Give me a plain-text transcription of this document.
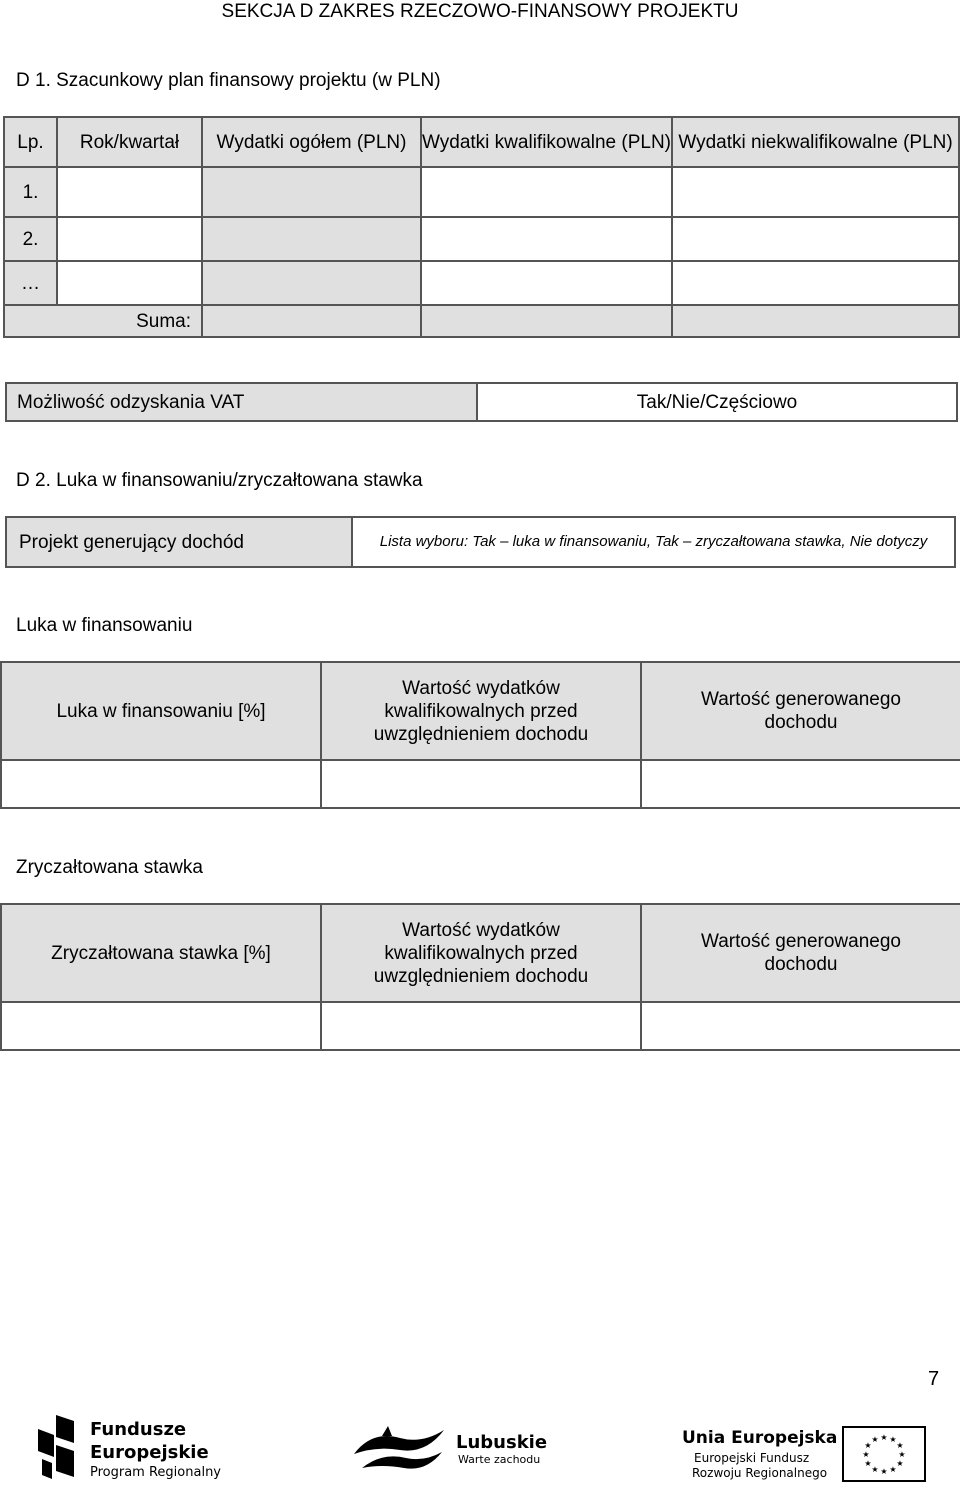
SEKCJA D ZAKRES RZECZOWO-FINANSOWY PROJEKTU
D 1. Szacunkowy plan finansowy projektu (w PLN)
Lp.	Rok/kwartał	Wydatki ogółem (PLN)	Wydatki kwalifikowalne (PLN)	Wydatki niekwalifikowalne (PLN)
1.				
2.				
…				
Suma:				
Możliwość odzyskania VAT	Tak/Nie/Częściowo
D 2. Luka w finansowaniu/zryczałtowana stawka
Projekt generujący dochód	Lista wyboru: Tak – luka w finansowaniu, Tak – zryczałtowana stawka, Nie dotyczy
Luka w finansowaniu
Luka w finansowaniu [%]	Wartość wydatków kwalifikowalnych przed uwzględnieniem dochodu	Wartość generowanego dochodu

Zryczałtowana stawka
Zryczałtowana stawka [%]	Wartość wydatków kwalifikowalnych przed uwzględnieniem dochodu	Wartość generowanego dochodu

7
Fundusze
Europejskie
Program Regionalny
Lubuskie
Warte zachodu
Unia Europejska
Europejski Fundusz
Rozwoju Regionalnego
★ ★
★
★
★
★
★
★
★
★
★
★
